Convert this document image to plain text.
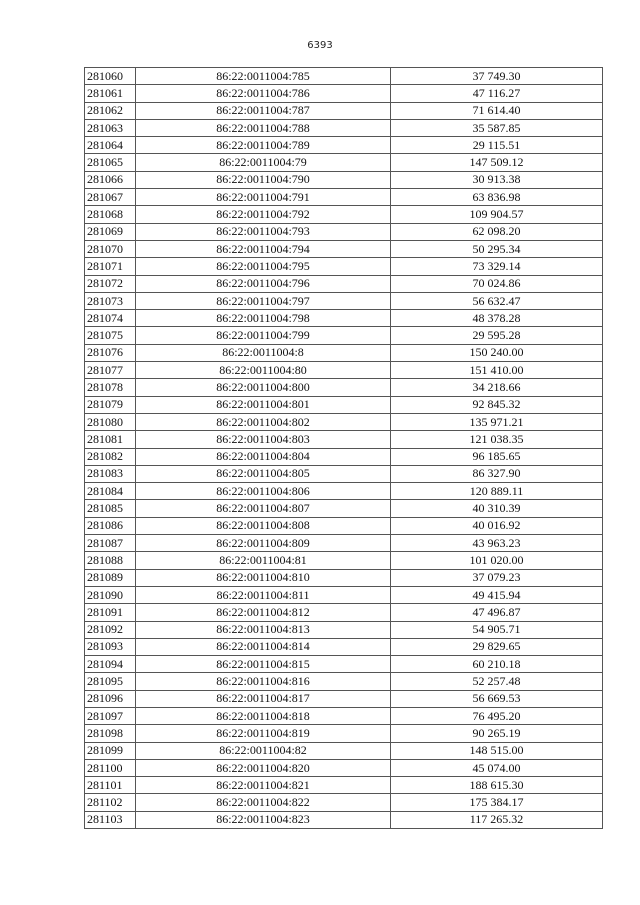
6393
281060	86:22:0011004:785	37 749.30
281061	86:22:0011004:786	47 116.27
281062	86:22:0011004:787	71 614.40
281063	86:22:0011004:788	35 587.85
281064	86:22:0011004:789	29 115.51
281065	86:22:0011004:79	147 509.12
281066	86:22:0011004:790	30 913.38
281067	86:22:0011004:791	63 836.98
281068	86:22:0011004:792	109 904.57
281069	86:22:0011004:793	62 098.20
281070	86:22:0011004:794	50 295.34
281071	86:22:0011004:795	73 329.14
281072	86:22:0011004:796	70 024.86
281073	86:22:0011004:797	56 632.47
281074	86:22:0011004:798	48 378.28
281075	86:22:0011004:799	29 595.28
281076	86:22:0011004:8	150 240.00
281077	86:22:0011004:80	151 410.00
281078	86:22:0011004:800	34 218.66
281079	86:22:0011004:801	92 845.32
281080	86:22:0011004:802	135 971.21
281081	86:22:0011004:803	121 038.35
281082	86:22:0011004:804	96 185.65
281083	86:22:0011004:805	86 327.90
281084	86:22:0011004:806	120 889.11
281085	86:22:0011004:807	40 310.39
281086	86:22:0011004:808	40 016.92
281087	86:22:0011004:809	43 963.23
281088	86:22:0011004:81	101 020.00
281089	86:22:0011004:810	37 079.23
281090	86:22:0011004:811	49 415.94
281091	86:22:0011004:812	47 496.87
281092	86:22:0011004:813	54 905.71
281093	86:22:0011004:814	29 829.65
281094	86:22:0011004:815	60 210.18
281095	86:22:0011004:816	52 257.48
281096	86:22:0011004:817	56 669.53
281097	86:22:0011004:818	76 495.20
281098	86:22:0011004:819	90 265.19
281099	86:22:0011004:82	148 515.00
281100	86:22:0011004:820	45 074.00
281101	86:22:0011004:821	188 615.30
281102	86:22:0011004:822	175 384.17
281103	86:22:0011004:823	117 265.32
